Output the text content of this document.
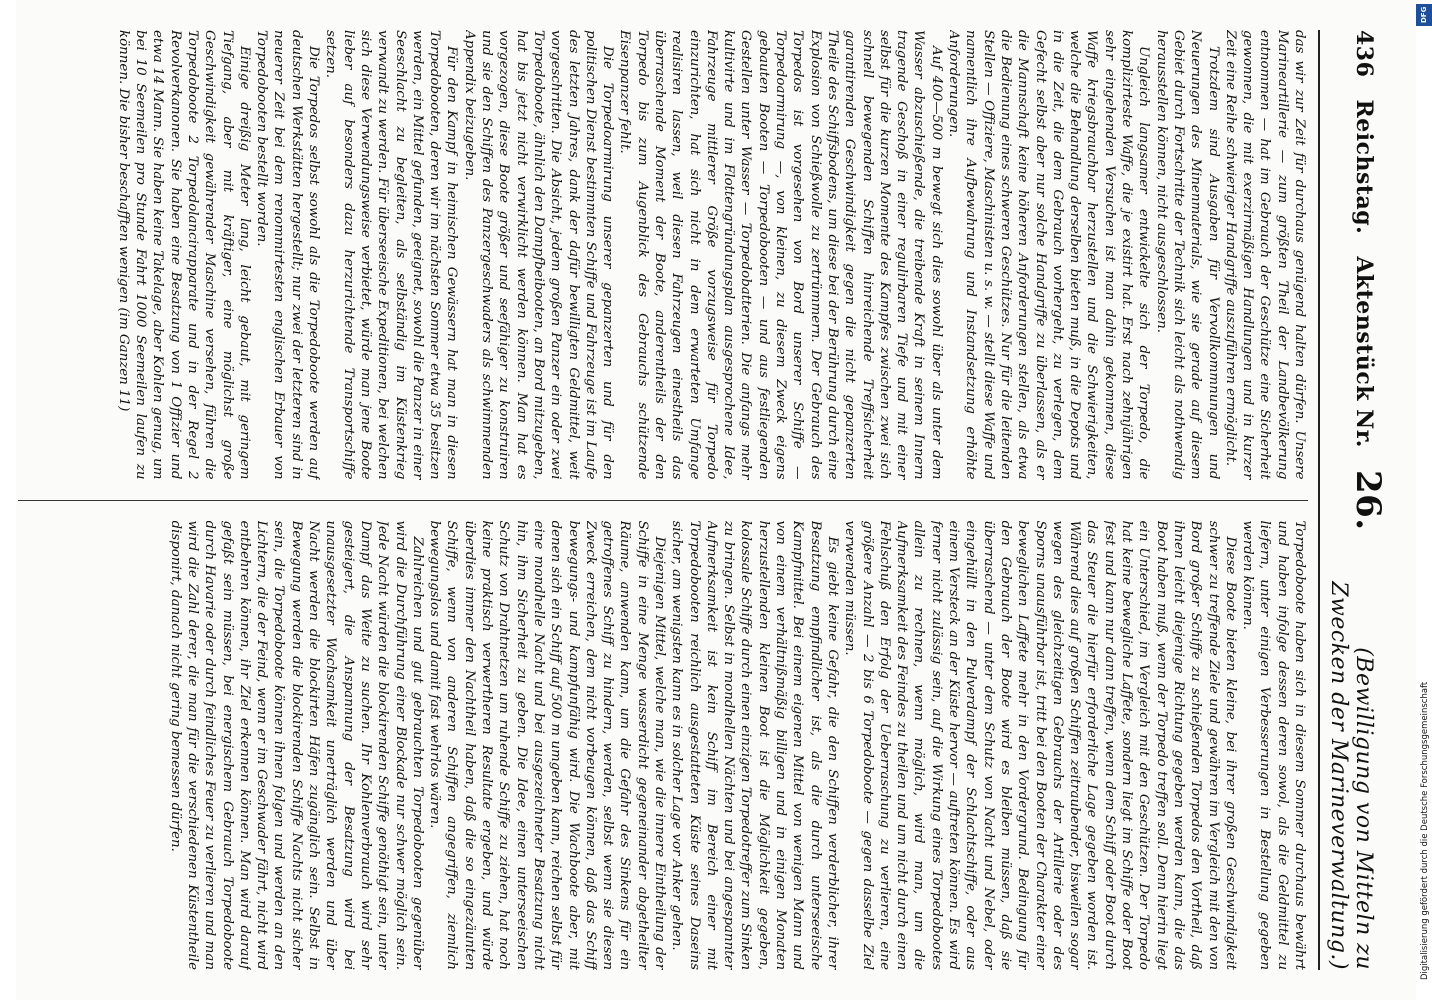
436
Reichstag.
Aktenstück Nr.
26.
(Bewilligung von Mitteln zu Zwecken der Marineverwaltung.)

das wir zur Zeit für durchaus genügend halten dürfen. Unsere Marineartillerie — zum größten Theil der Landbevölkerung entnommen — hat im Gebrauch der Geschütze eine Sicherheit gewonnen, die mit exerzirmäßigen Handlungen und in kurzer Zeit eine Reihe schwieriger Handgriffe auszuführen ermöglicht.

Trotzdem sind Ausgaben für Vervollkommnungen und Neuerungen des Minenmaterials, wie sie gerade auf diesem Gebiet durch Fortschritte der Technik sich leicht als nothwendig herausstellen können, nicht ausgeschlossen.

Ungleich langsamer entwickelte sich der Torpedo, die komplizirteste Waffe, die je existirt hat. Erst nach zehnjährigen sehr eingehenden Versuchen ist man dahin gekommen, diese Waffe kriegsbrauchbar herzustellen und die Schwierigkeiten, welche die Behandlung derselben bieten muß, in die Depots und in die Zeit, die dem Gebrauch vorhergeht, zu verlegen, dem Gefecht selbst aber nur solche Handgriffe zu überlassen, als er die Mannschaft keine höheren Anforderungen stellen, als etwa die Bedienung eines schweren Geschützes. Nur für die leitenden Stellen — Offiziere, Maschinisten u. s. w. — stellt diese Waffe und namentlich ihre Aufbewahrung und Instandsetzung erhöhte Anforderungen.

Auf 400—500 m bewegt sich dies sowohl über als unter dem Wasser abzuschießende, die treibende Kraft in seinem Innern tragende Geschoß in einer regulirbaren Tiefe und mit einer selbst für die kurzen Momente des Kampfes zwischen zwei sich schnell bewegenden Schiffen hinreichende Treffsicherheit garantirenden Geschwindigkeit gegen die nicht gepanzerten Theile des Schiffsbodens, um diese bei der Berührung durch eine Explosion von Schießwolle zu zertrümmern. Der Gebrauch des Torpedos ist vorgesehen von Bord unserer Schiffe — Torpedoarmirung —, von kleinen, zu diesem Zweck eigens gebauten Booten — Torpedobooten — und aus festliegenden Gestellen unter Wasser — Torpedobatterien. Die anfangs mehr kultivirte und im Flottengründungsplan ausgesprochene Idee, Fahrzeuge mittlerer Größe vorzugsweise für Torpedo einzurichten, hat sich nicht in dem erwarteten Umfange realisiren lassen, weil diesen Fahrzeugen einestheils das überraschende Moment der Boote, anderentheils der den Torpedo bis zum Augenblick des Gebrauchs schützende Eisenpanzer fehlt.

Die Torpedoarmirung unserer gepanzerten und für den politischen Dienst bestimmten Schiffe und Fahrzeuge ist im Laufe des letzten Jahres, dank der dafür bewilligten Geldmittel, weit vorgeschritten. Die Absicht, jedem großen Panzer ein oder zwei Torpedoboote, ähnlich den Dampfbeibooten, an Bord mitzugeben, hat bis jetzt nicht verwirklicht werden können. Man hat es vorgezogen, diese Boote größer und seefähiger zu konstruiren und sie den Schiffen des Panzergeschwaders als schwimmenden Appendix beizugeben.

Für den Kampf in heimischen Gewässern hat man in diesen Torpedobooten, deren wir im nächsten Sommer etwa 35 besitzen werden, ein Mittel gefunden, geeignet, sowohl die Panzer in einer Seeschlacht zu begleiten, als selbständig im Küstenkrieg verwandt zu werden. Für überseeische Expeditionen, bei welchen sich diese Verwendungsweise verbietet, würde man jene Boote lieber auf besonders dazu herzurichtende Transportschiffe setzen.

Die Torpedos selbst sowohl als die Torpedoboote werden auf deutschen Werkstätten hergestellt; nur zwei der letzteren sind in neuerer Zeit bei dem renommirtesten englischen Erbauer von Torpedobooten bestellt worden.

Einige dreißig Meter lang, leicht gebaut, mit geringem Tiefgang, aber mit kräftiger, eine möglichst große Geschwindigkeit gewährender Maschine versehen, führen die Torpedoboote 2 Torpedolancirapparate und in der Regel 2 Revolverkanonen. Sie haben eine Besatzung von 1 Offizier und etwa 14 Mann. Sie haben keine Takelage, aber Kohlen genug, um bei 10 Seemeilen pro Stunde Fahrt 1000 Seemeilen laufen zu können. Die bisher beschafften wenigen (im Ganzen 11)

Torpedoboote haben sich in diesem Sommer durchaus bewährt und haben infolge dessen deren sowol, als die Geldmittel zu liefern, unter einigen Verbesserungen in Bestellung gegeben werden können.

Diese Boote bieten kleine, bei ihrer großen Geschwindigkeit schwer zu treffende Ziele und gewähren im Vergleich mit den von Bord großer Schiffe zu schießenden Torpedos den Vortheil, daß ihnen leicht diejenige Richtung gegeben werden kann, die das Boot haben muß, wenn der Torpedo treffen soll. Denn hierin liegt ein Unterschied, im Vergleich mit den Geschützen. Der Torpedo hat keine bewegliche Laffete, sondern liegt im Schiffe oder Boot fest und kann nur dann treffen, wenn dem Schiff oder Boot durch das Steuer die hierfür erforderliche Lage gegeben worden ist. Während dies auf großen Schiffen zeitraubender, bisweilen sogar wegen des gleichzeitigen Gebrauchs der Artillerie oder des Sporns unausführbar ist, tritt bei den Booten der Charakter einer beweglichen Laffete mehr in den Vordergrund. Bedingung für den Gebrauch der Boote wird es bleiben müssen, daß sie überraschend — unter dem Schutz von Nacht und Nebel, oder eingehüllt in den Pulverdampf der Schlachtschiffe, oder aus einem Versteck an der Küste hervor — auftreten können. Es wird ferner nicht zulässig sein, auf die Wirkung eines Torpedobootes allein zu rechnen, wenn möglich, wird man, um die Aufmerksamkeit des Feindes zu theilen und um nicht durch einen Fehlschuß den Erfolg der Ueberraschung zu verlieren, eine größere Anzahl — 2 bis 6 Torpedoboote — gegen dasselbe Ziel verwenden müssen.

Es giebt keine Gefahr, die den Schiffen verderblicher, ihrer Besatzung empfindlicher ist, als die durch unterseeische Kampfmittel. Bei einem eigenen Mittel von wenigen Mann und von einem verhältnißmäßig billigen und in einigen Monaten herzustellenden kleinen Boot ist die Möglichkeit gegeben, kolossale Schiffe durch einen einzigen Torpedotreffer zum Sinken zu bringen. Selbst in mondhellen Nächten und bei angespannter Aufmerksamkeit ist kein Schiff im Bereich einer mit Torpedobooten reichlich ausgestatteten Küste seines Daseins sicher, am wenigsten kann es in solcher Lage vor Anker gehen.

Diejenigen Mittel, welche man, wie die innere Eintheilung der Schiffe in eine Menge wasserdicht gegeneinander abgetheilter Räume, anwenden kann, um die Gefahr des Sinkens für ein getroffenes Schiff zu hindern, werden, selbst wenn sie diesen Zweck erreichen, dem nicht vorbeugen können, daß das Schiff bewegungs- und kampfunfähig wird. Die Wachboote aber, mit denen sich ein Schiff auf 500 m umgeben kann, reichen selbst für eine mondhelle Nacht und bei ausgezeichneter Besatzung nicht hin, ihm Sicherheit zu geben. Die Idee, einen unterseeischen Schutz von Drahtnetzen um ruhende Schiffe zu ziehen, hat noch keine praktisch verwertheren Resultate ergeben, und würde überdies immer den Nachtheil haben, daß die so eingezäunten Schiffe, wenn von anderen Schiffen angegriffen, ziemlich bewegungslos und damit fast wehrlos wären.

Zahlreichen und gut gebrauchten Torpedobooten gegenüber wird die Durchführung einer Blockade nur schwer möglich sein. Jede Nacht würden die blockirenden Schiffe genöthigt sein, unter Dampf das Weite zu suchen. Ihr Kohlenverbrauch wird sehr gesteigert, die Anspannung der Besatzung wird bei unausgesetzter Wachsamkeit unerträglich werden und über Nacht werden die blockirten Häfen zugänglich sein. Selbst in Bewegung werden die blockirenden Schiffe Nachts nicht sicher sein, die Torpedoboote können ihnen folgen und werden an den Lichtern, die der Feind, wenn er im Geschwader fährt, nicht wird entbehren können, ihr Ziel erkennen können. Man wird darauf gefaßt sein müssen, bei energischem Gebrauch Torpedoboote durch Havarie oder durch feindliches Feuer zu verlieren und man wird die Zahl derer, die man für die verschiedenen Küstentheile disponirt, danach nicht gering bemessen dürfen.

DFG
Digitalisierung gefördert durch die Deutsche Forschungsgemeinschaft
